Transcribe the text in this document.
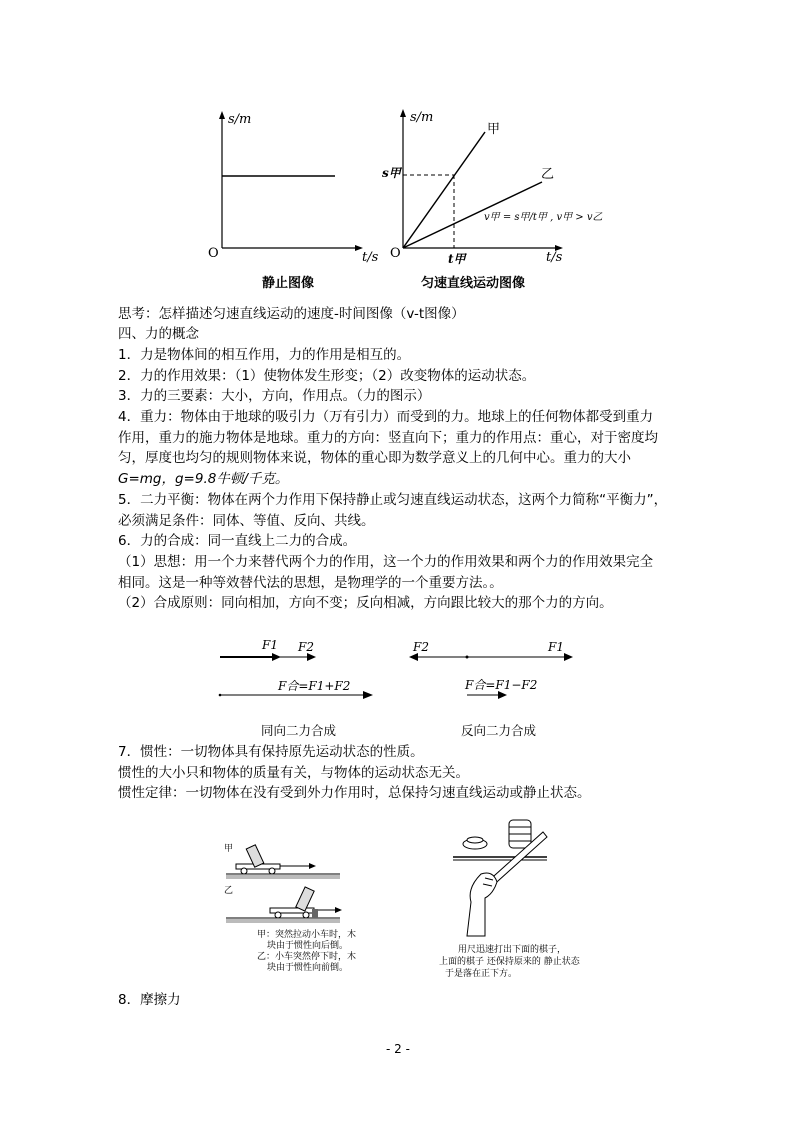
s/m
O	t/s
静止图像
s/m
甲
乙
s甲
v甲 = s甲/t甲 , v甲 > v乙
O	t甲	t/s
匀速直线运动图像
思考：怎样描述匀速直线运动的速度-时间图像（v-t图像）
四、力的概念
1．力是物体间的相互作用，力的作用是相互的。
2．力的作用效果：（1）使物体发生形变；（2）改变物体的运动状态。
3．力的三要素：大小，方向，作用点。（力的图示）
4．重力：物体由于地球的吸引力（万有引力）而受到的力。地球上的任何物体都受到重力
作用，重力的施力物体是地球。重力的方向：竖直向下；重力的作用点：重心，对于密度均
匀，厚度也均匀的规则物体来说，物体的重心即为数学意义上的几何中心。重力的大小
G=mg，g=9.8牛顿/千克。
5．二力平衡：物体在两个力作用下保持静止或匀速直线运动状态，这两个力简称“平衡力”，
必须满足条件：同体、等值、反向、共线。
6．力的合成：同一直线上二力的合成。
（1）思想：用一个力来替代两个力的作用，这一个力的作用效果和两个力的作用效果完全
相同。这是一种等效替代法的思想，是物理学的一个重要方法。。
（2）合成原则：同向相加，方向不变；反向相减，方向跟比较大的那个力的方向。
F1 F2
F合=F1+F2
同向二力合成
F2	F1
F合=F1−F2
反向二力合成
7．惯性：一切物体具有保持原先运动状态的性质。
惯性的大小只和物体的质量有关，与物体的运动状态无关。
惯性定律：一切物体在没有受到外力作用时，总保持匀速直线运动或静止状态。
甲
乙
甲：突然拉动小车时，木
块由于惯性向后倒。
乙：小车突然停下时，木
块由于惯性向前倒。
用尺迅速打出下面的棋子，
上面的棋子 还保持原来的 静止状态
于是落在正下方。
8．摩擦力
- 2 -
